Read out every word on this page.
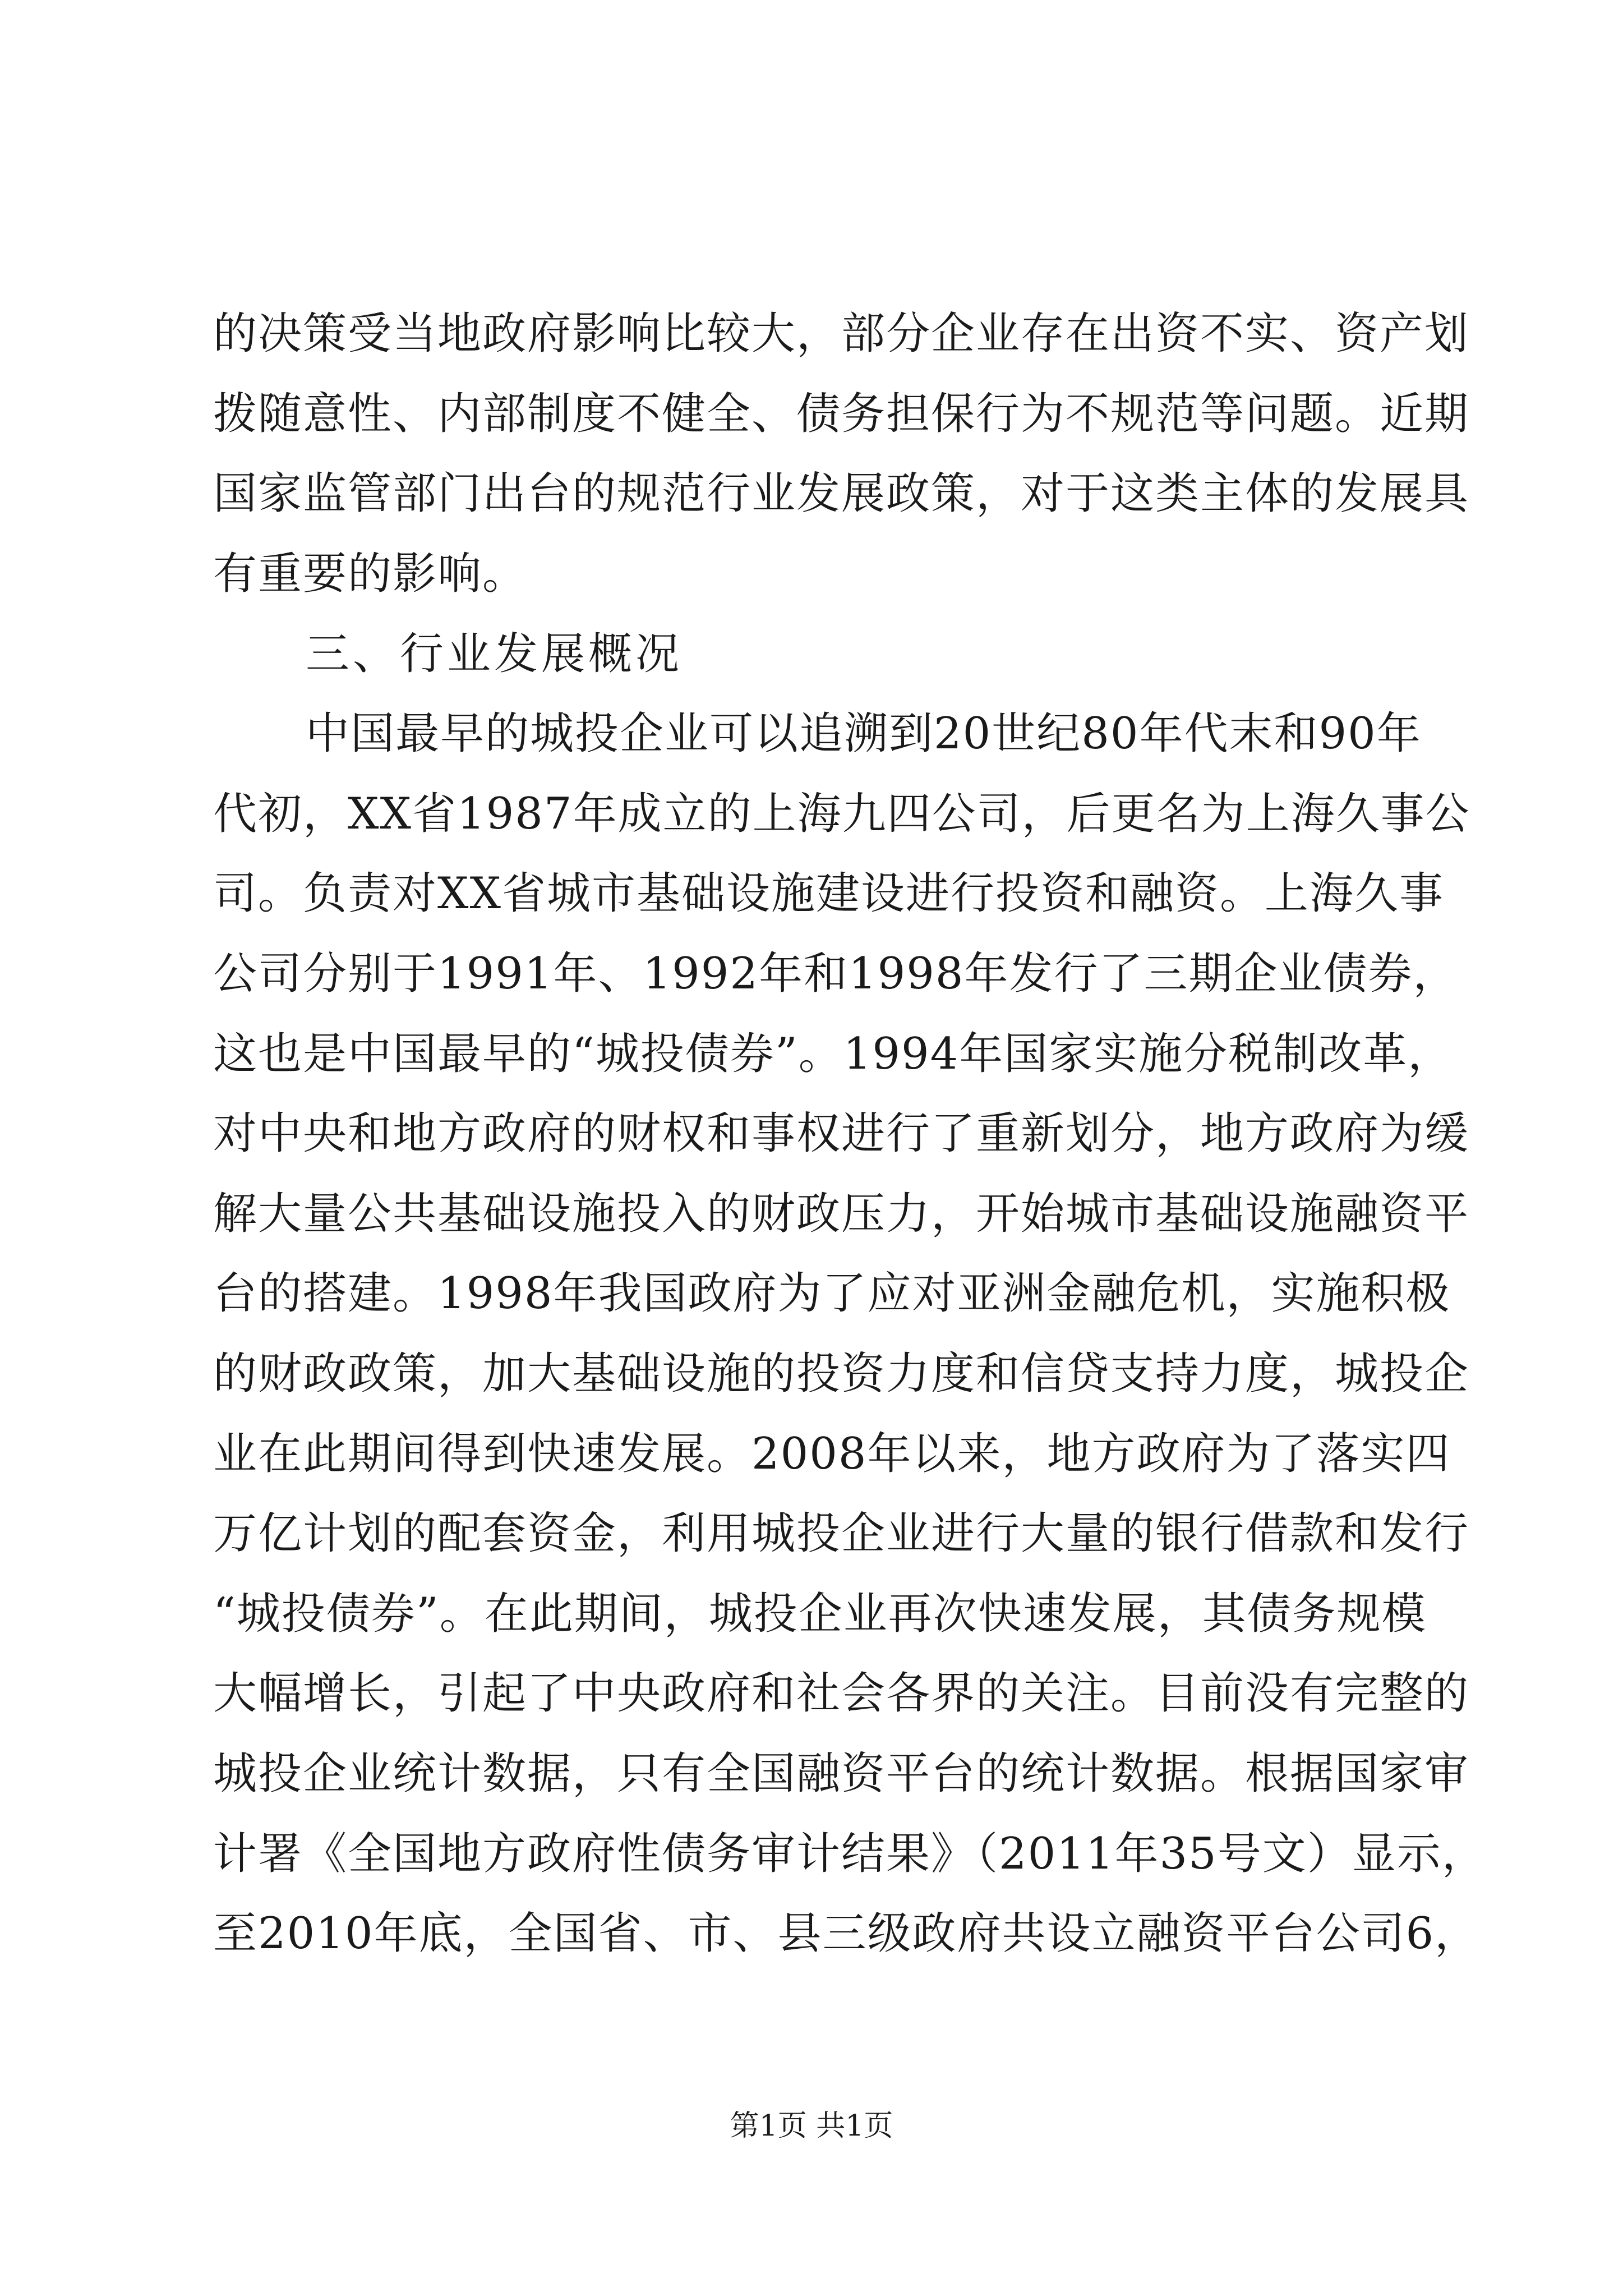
的决策受当地政府影响比较大，部分企业存在出资不实、资产划
拨随意性、内部制度不健全、债务担保行为不规范等问题。近期
国家监管部门出台的规范行业发展政策，对于这类主体的发展具
有重要的影响。
三、行业发展概况
中国最早的城投企业可以追溯到20世纪80年代末和90年
代初，XX省1987年成立的上海九四公司，后更名为上海久事公
司。负责对XX省城市基础设施建设进行投资和融资。上海久事
公司分别于1991年、1992年和1998年发行了三期企业债券，
这也是中国最早的“城投债券”。1994年国家实施分税制改革，
对中央和地方政府的财权和事权进行了重新划分，地方政府为缓
解大量公共基础设施投入的财政压力，开始城市基础设施融资平
台的搭建。1998年我国政府为了应对亚洲金融危机，实施积极
的财政政策，加大基础设施的投资力度和信贷支持力度，城投企
业在此期间得到快速发展。2008年以来，地方政府为了落实四
万亿计划的配套资金，利用城投企业进行大量的银行借款和发行
“城投债券”。在此期间，城投企业再次快速发展，其债务规模
大幅增长，引起了中央政府和社会各界的关注。目前没有完整的
城投企业统计数据，只有全国融资平台的统计数据。根据国家审
计署《全国地方政府性债务审计结果》（2011年35号文）显示，
至2010年底，全国省、市、县三级政府共设立融资平台公司6，
第1页 共1页
